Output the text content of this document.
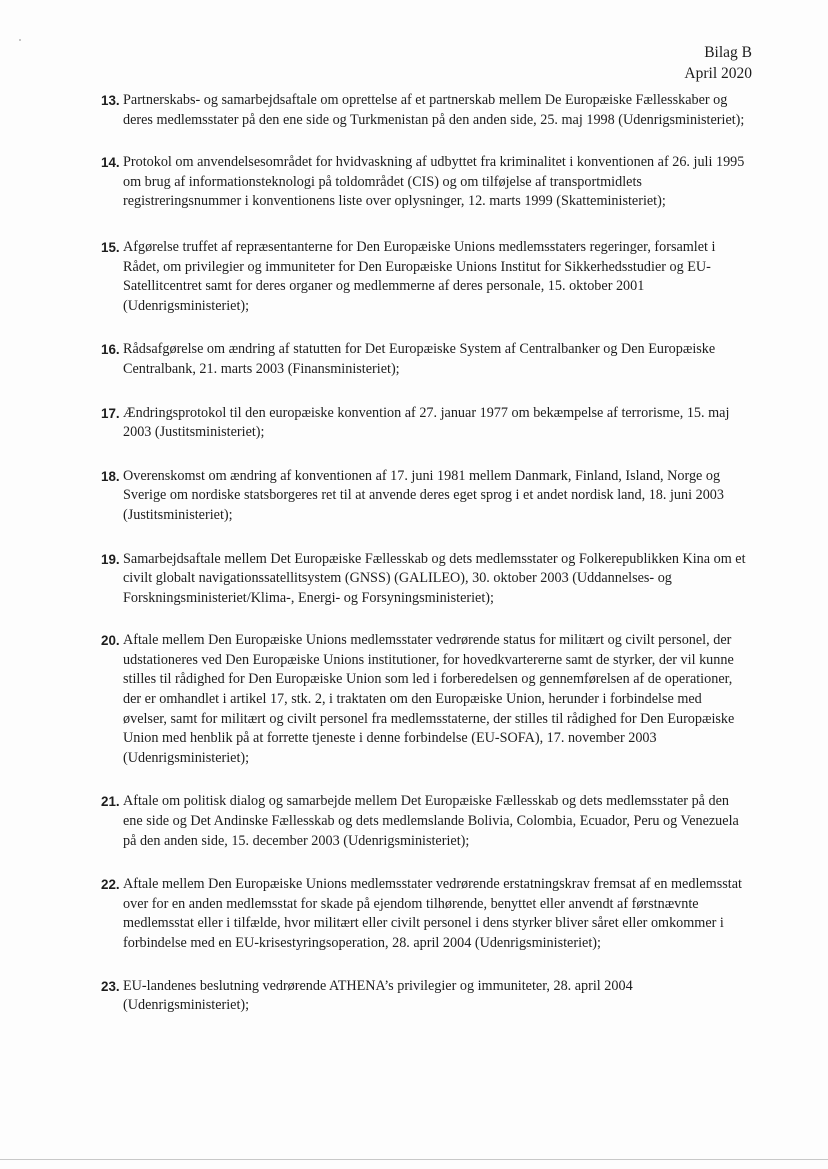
Bilag B
April 2020
13. Partnerskabs- og samarbejdsaftale om oprettelse af et partnerskab mellem De Europæiske Fællesskaber og deres medlemsstater på den ene side og Turkmenistan på den anden side, 25. maj 1998 (Udenrigsministeriet);

14. Protokol om anvendelsesområdet for hvidvaskning af udbyttet fra kriminalitet i konventionen af 26. juli 1995 om brug af informationsteknologi på toldområdet (CIS) og om tilføjelse af transportmidlets registreringsnummer i konventionens liste over oplysninger, 12. marts 1999 (Skatteministeriet);

15. Afgørelse truffet af repræsentanterne for Den Europæiske Unions medlemsstaters regeringer, forsamlet i Rådet, om privilegier og immuniteter for Den Europæiske Unions Institut for Sikkerhedsstudier og EU-Satellitcentret samt for deres organer og medlemmerne af deres personale, 15. oktober 2001 (Udenrigsministeriet);

16. Rådsafgørelse om ændring af statutten for Det Europæiske System af Centralbanker og Den Europæiske Centralbank, 21. marts 2003 (Finansministeriet);

17. Ændringsprotokol til den europæiske konvention af 27. januar 1977 om bekæmpelse af terrorisme, 15. maj 2003 (Justitsministeriet);

18. Overenskomst om ændring af konventionen af 17. juni 1981 mellem Danmark, Finland, Island, Norge og Sverige om nordiske statsborgeres ret til at anvende deres eget sprog i et andet nordisk land, 18. juni 2003 (Justitsministeriet);

19. Samarbejdsaftale mellem Det Europæiske Fællesskab og dets medlemsstater og Folkerepublikken Kina om et civilt globalt navigationssatellitsystem (GNSS) (GALILEO), 30. oktober 2003 (Uddannelses- og Forskningsministeriet/Klima-, Energi- og Forsyningsministeriet);

20. Aftale mellem Den Europæiske Unions medlemsstater vedrørende status for militært og civilt personel, der udstationeres ved Den Europæiske Unions institutioner, for hovedkvartererne samt de styrker, der vil kunne stilles til rådighed for Den Europæiske Union som led i forberedelsen og gennemførelsen af de operationer, der er omhandlet i artikel 17, stk. 2, i traktaten om den Europæiske Union, herunder i forbindelse med øvelser, samt for militært og civilt personel fra medlemsstaterne, der stilles til rådighed for Den Europæiske Union med henblik på at forrette tjeneste i denne forbindelse (EU-SOFA), 17. november 2003 (Udenrigsministeriet);

21. Aftale om politisk dialog og samarbejde mellem Det Europæiske Fællesskab og dets medlemsstater på den ene side og Det Andinske Fællesskab og dets medlemslande Bolivia, Colombia, Ecuador, Peru og Venezuela på den anden side, 15. december 2003 (Udenrigsministeriet);

22. Aftale mellem Den Europæiske Unions medlemsstater vedrørende erstatningskrav fremsat af en medlemsstat over for en anden medlemsstat for skade på ejendom tilhørende, benyttet eller anvendt af førstnævnte medlemsstat eller i tilfælde, hvor militært eller civilt personel i dens styrker bliver såret eller omkommer i forbindelse med en EU-krisestyringsoperation, 28. april 2004 (Udenrigsministeriet);

23. EU-landenes beslutning vedrørende ATHENA’s privilegier og immuniteter, 28. april 2004 (Udenrigsministeriet);
